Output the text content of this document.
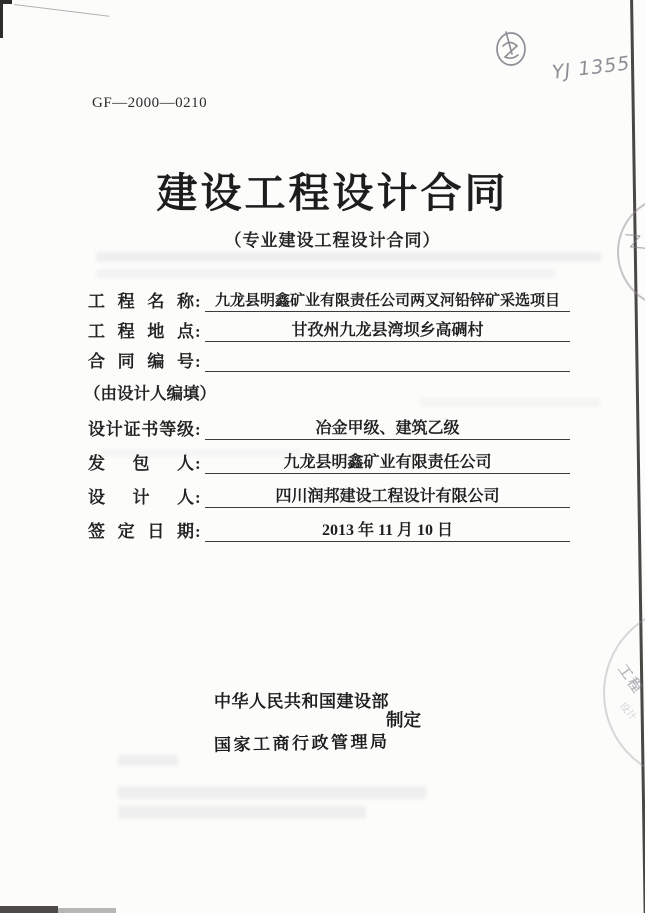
╱╲╱
工程
设计
YJ 1355
GF—2000—0210
建设工程设计合同
（专业建设工程设计合同）
工程名称 : 九龙县明鑫矿业有限责任公司两叉河铅锌矿采选项目
工程地点 :	甘孜州九龙县湾坝乡高碉村
合同编号 :
（由设计人编填）
设计证书等级 :	冶金甲级、建筑乙级
发包人 :	九龙县明鑫矿业有限责任公司
设计人 :	四川润邦建设工程设计有限公司
签定日期 :	2013 年 11 月 10 日
中华人民共和国建设部
国家工商行政管理局
制定
